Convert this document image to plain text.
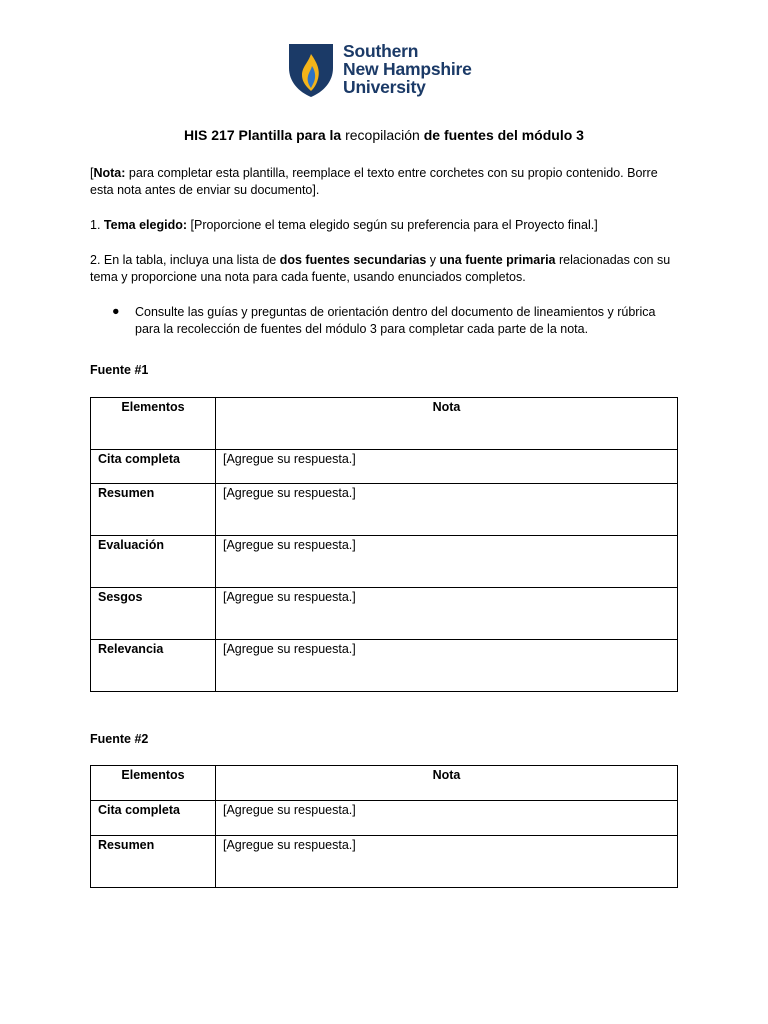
Southern
New Hampshire
University
HIS 217 Plantilla para la recopilación de fuentes del módulo 3
[Nota: para completar esta plantilla, reemplace el texto entre corchetes con su propio contenido. Borre esta nota antes de enviar su documento].
1. Tema elegido: [Proporcione el tema elegido según su preferencia para el Proyecto final.]
2. En la tabla, incluya una lista de dos fuentes secundarias y una fuente primaria relacionadas con su tema y proporcione una nota para cada fuente, usando enunciados completos.
● Consulte las guías y preguntas de orientación dentro del documento de lineamientos y rúbrica para la recolección de fuentes del módulo 3 para completar cada parte de la nota.
Fuente #1
Elementos	Nota
Cita completa	[Agregue su respuesta.]
Resumen	[Agregue su respuesta.]
Evaluación	[Agregue su respuesta.]
Sesgos	[Agregue su respuesta.]
Relevancia	[Agregue su respuesta.]
Fuente #2
Elementos	Nota
Cita completa	[Agregue su respuesta.]
Resumen	[Agregue su respuesta.]
